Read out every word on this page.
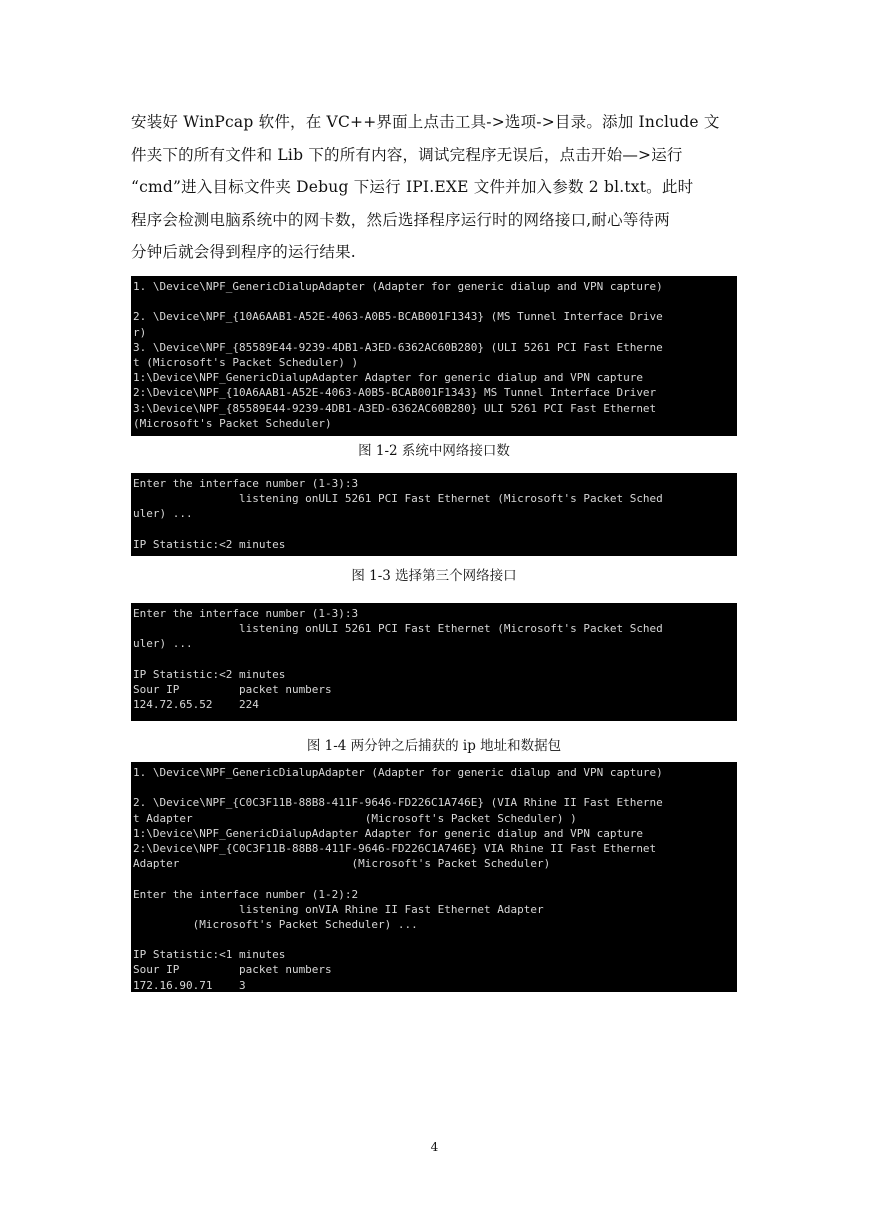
安装好 WinPcap 软件，在 VC++界面上点击工具->选项->目录。添加 Include 文
件夹下的所有文件和 Lib 下的所有内容，调试完程序无误后，点击开始—>运行
“cmd”进入目标文件夹 Debug 下运行 IPI.EXE 文件并加入参数 2 bl.txt。此时
程序会检测电脑系统中的网卡数，然后选择程序运行时的网络接口,耐心等待两
分钟后就会得到程序的运行结果.
1. \Device\NPF_GenericDialupAdapter (Adapter for generic dialup and VPN capture)
2. \Device\NPF_{10A6AAB1-A52E-4063-A0B5-BCAB001F1343} (MS Tunnel Interface Drive
r)
3. \Device\NPF_{85589E44-9239-4DB1-A3ED-6362AC60B280} (ULI 5261 PCI Fast Etherne
t (Microsoft's Packet Scheduler) )
1:\Device\NPF_GenericDialupAdapter Adapter for generic dialup and VPN capture
2:\Device\NPF_{10A6AAB1-A52E-4063-A0B5-BCAB001F1343} MS Tunnel Interface Driver
3:\Device\NPF_{85589E44-9239-4DB1-A3ED-6362AC60B280} ULI 5261 PCI Fast Ethernet
(Microsoft's Packet Scheduler)
图 1-2 系统中网络接口数
Enter the interface number (1-3):3
listening onULI 5261 PCI Fast Ethernet (Microsoft's Packet Sched
uler) ...
IP Statistic:<2 minutes
图 1-3 选择第三个网络接口
Enter the interface number (1-3):3
listening onULI 5261 PCI Fast Ethernet (Microsoft's Packet Sched
uler) ...
IP Statistic:<2 minutes
Sour IP         packet numbers
124.72.65.52    224
图 1-4 两分钟之后捕获的 ip 地址和数据包
1. \Device\NPF_GenericDialupAdapter (Adapter for generic dialup and VPN capture)
2. \Device\NPF_{C0C3F11B-88B8-411F-9646-FD226C1A746E} (VIA Rhine II Fast Etherne
t Adapter                          (Microsoft's Packet Scheduler) )
1:\Device\NPF_GenericDialupAdapter Adapter for generic dialup and VPN capture
2:\Device\NPF_{C0C3F11B-88B8-411F-9646-FD226C1A746E} VIA Rhine II Fast Ethernet
Adapter                          (Microsoft's Packet Scheduler)
Enter the interface number (1-2):2
listening onVIA Rhine II Fast Ethernet Adapter
(Microsoft's Packet Scheduler) ...
IP Statistic:<1 minutes
Sour IP         packet numbers
172.16.90.71    3
4
